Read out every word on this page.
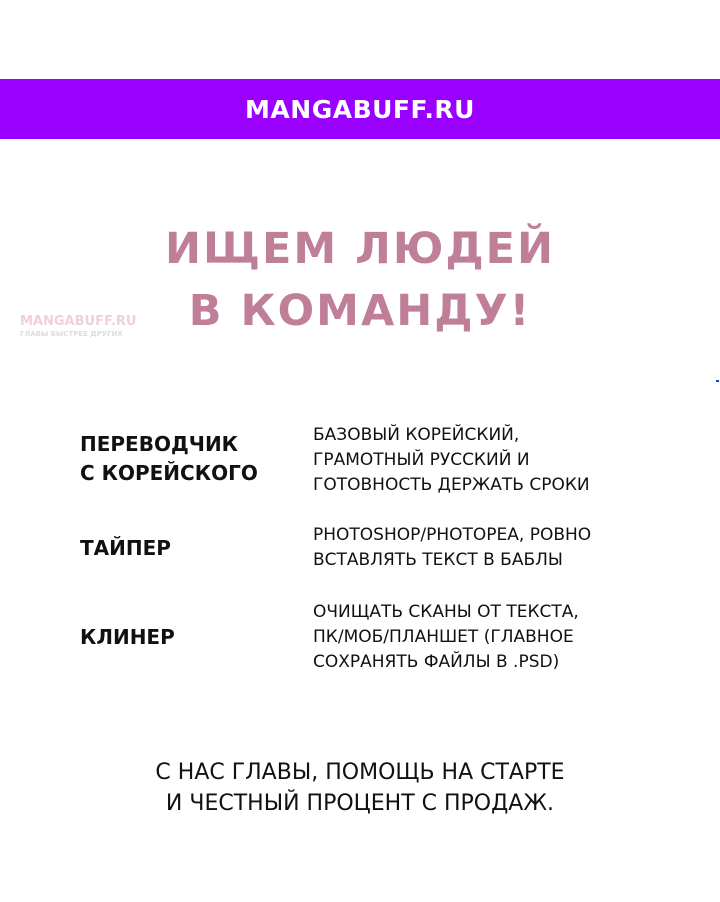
MANGABUFF.RU
ИЩЕМ ЛЮДЕЙ
В КОМАНДУ!
MANGABUFF.RU
ГЛАВЫ БЫСТРЕЕ ДРУГИХ
ПЕРЕВОДЧИК
С КОРЕЙСКОГО
БАЗОВЫЙ КОРЕЙСКИЙ,
ГРАМОТНЫЙ РУССКИЙ И
ГОТОВНОСТЬ ДЕРЖАТЬ СРОКИ
ТАЙПЕР
PHOTOSHOP/PHOTOPEA, РОВНО
ВСТАВЛЯТЬ ТЕКСТ В БАБЛЫ
КЛИНЕР
ОЧИЩАТЬ СКАНЫ ОТ ТЕКСТА,
ПК/МОБ/ПЛАНШЕТ (ГЛАВНОЕ
СОХРАНЯТЬ ФАЙЛЫ В .PSD)
С НАС ГЛАВЫ, ПОМОЩЬ НА СТАРТЕ
И ЧЕСТНЫЙ ПРОЦЕНТ С ПРОДАЖ.
